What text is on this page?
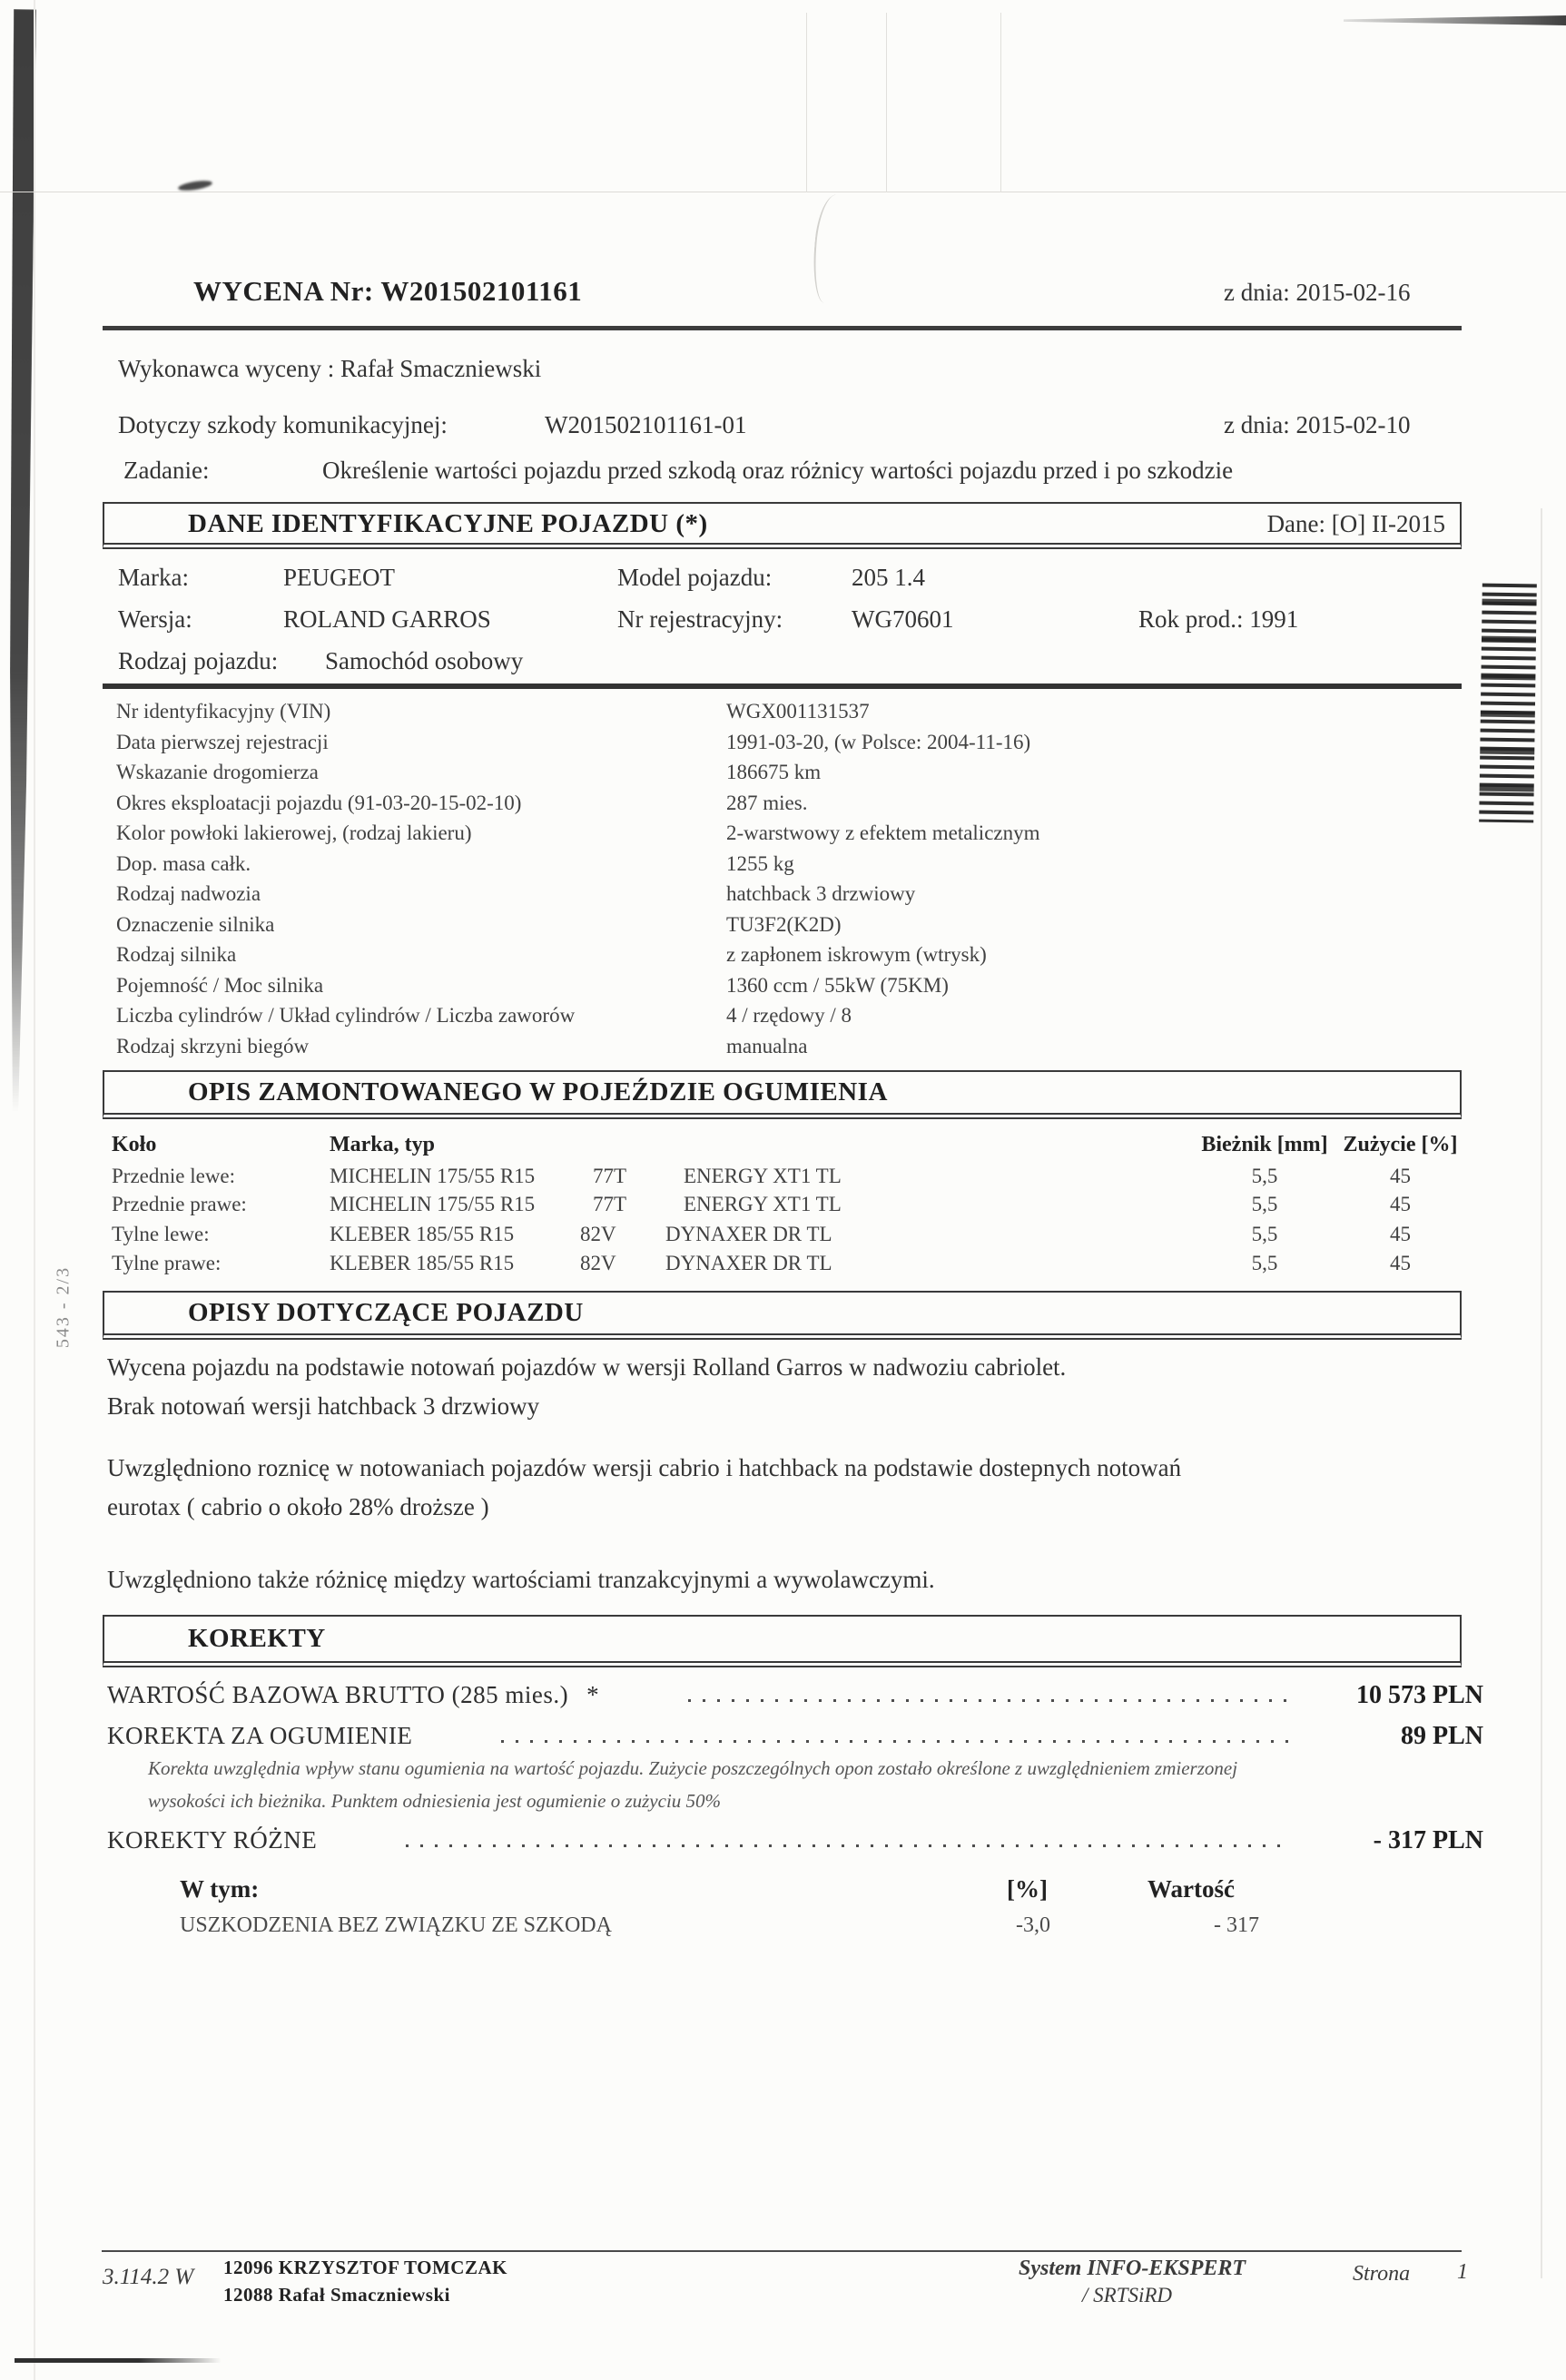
543 - 2/3
WYCENA Nr: W201502101161	z dnia: 2015-02-16
Wykonawca wyceny : Rafał Smaczniewski
Dotyczy szkody komunikacyjnej:	W201502101161-01	z dnia: 2015-02-10
Zadanie:	Określenie wartości pojazdu przed szkodą oraz różnicy wartości pojazdu przed i po szkodzie
DANE IDENTYFIKACYJNE POJAZDU (*)	Dane: [O] II-2015
Marka:	PEUGEOT	Model pojazdu:	205 1.4
Wersja:	ROLAND GARROS	Nr rejestracyjny:	WG70601	Rok prod.: 1991
Rodzaj pojazdu: Samochód osobowy
Nr identyfikacyjny (VIN)	WGX001131537
Data pierwszej rejestracji	1991-03-20, (w Polsce: 2004-11-16)
Wskazanie drogomierza	186675 km
Okres eksploatacji pojazdu (91-03-20-15-02-10)	287 mies.
Kolor powłoki lakierowej, (rodzaj lakieru)	2-warstwowy z efektem metalicznym
Dop. masa całk.	1255 kg
Rodzaj nadwozia	hatchback 3 drzwiowy
Oznaczenie silnika	TU3F2(K2D)
Rodzaj silnika	z zapłonem iskrowym (wtrysk)
Pojemność / Moc silnika	1360 ccm / 55kW (75KM)
Liczba cylindrów / Układ cylindrów / Liczba zaworów	4 / rzędowy / 8
Rodzaj skrzyni biegów	manualna
OPIS ZAMONTOWANEGO W POJEŹDZIE OGUMIENIA
Koło	Marka, typ	Bieżnik [mm] Zużycie [%]
Przednie lewe:	MICHELIN 175/55 R15	77T	ENERGY XT1 TL	5,5	45
Przednie prawe:	MICHELIN 175/55 R15	77T	ENERGY XT1 TL	5,5	45
Tylne lewe:	KLEBER 185/55 R15	82V	DYNAXER DR TL	5,5	45
Tylne prawe:	KLEBER 185/55 R15	82V	DYNAXER DR TL	5,5	45
OPISY DOTYCZĄCE POJAZDU
Wycena pojazdu na podstawie notowań pojazdów w wersji Rolland Garros w nadwoziu cabriolet.
Brak notowań wersji hatchback 3 drzwiowy
Uwzględniono roznicę w notowaniach pojazdów wersji cabrio i hatchback na podstawie dostepnych notowań
eurotax ( cabrio o około 28% droższe )
Uwzględniono także różnicę między wartościami tranzakcyjnymi a wywolawczymi.
KOREKTY
WARTOŚĆ BAZOWA BRUTTO (285 mies.) *	10 573 PLN
KOREKTA ZA OGUMIENIE	89 PLN
Korekta uwzględnia wpływ stanu ogumienia na wartość pojazdu. Zużycie poszczególnych opon zostało określone z uwzględnieniem zmierzonej
wysokości ich bieżnika. Punktem odniesienia jest ogumienie o zużyciu 50%
KOREKTY RÓŻNE	- 317 PLN
W tym:	[%]	Wartość
USZKODZENIA BEZ ZWIĄZKU ZE SZKODĄ	-3,0	- 317
3.114.2 W 12096 KRZYSZTOF TOMCZAK
12088 Rafał Smaczniewski
System INFO-EKSPERT
/ SRTSiRD
Strona 1
